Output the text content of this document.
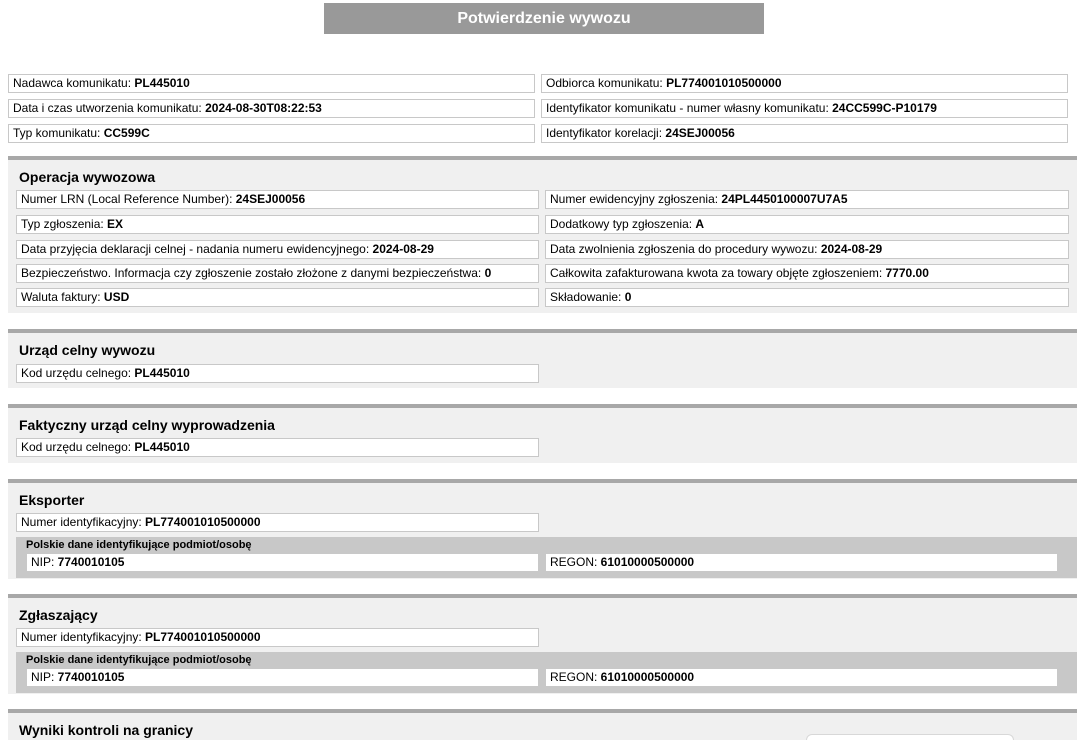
Potwierdzenie wywozu
Nadawca komunikatu: PL445010	Odbiorca komunikatu: PL774001010500000
Data i czas utworzenia komunikatu: 2024-08-30T08:22:53	Identyfikator komunikatu - numer własny komunikatu: 24CC599C-P10179
Typ komunikatu: CC599C	Identyfikator korelacji: 24SEJ00056
Operacja wywozowa
Numer LRN (Local Reference Number): 24SEJ00056	Numer ewidencyjny zgłoszenia: 24PL4450100007U7A5
Typ zgłoszenia: EX	Dodatkowy typ zgłoszenia: A
Data przyjęcia deklaracji celnej - nadania numeru ewidencyjnego: 2024-08-29	Data zwolnienia zgłoszenia do procedury wywozu: 2024-08-29
Bezpieczeństwo. Informacja czy zgłoszenie zostało złożone z danymi bezpieczeństwa: 0	Całkowita zafakturowana kwota za towary objęte zgłoszeniem: 7770.00
Waluta faktury: USD	Składowanie: 0
Urząd celny wywozu
Kod urzędu celnego: PL445010
Faktyczny urząd celny wyprowadzenia
Kod urzędu celnego: PL445010
Eksporter
Numer identyfikacyjny: PL774001010500000
Polskie dane identyfikujące podmiot/osobę
NIP: 7740010105	REGON: 61010000500000
Zgłaszający
Numer identyfikacyjny: PL774001010500000
Polskie dane identyfikujące podmiot/osobę
NIP: 7740010105	REGON: 61010000500000
Wyniki kontroli na granicy
